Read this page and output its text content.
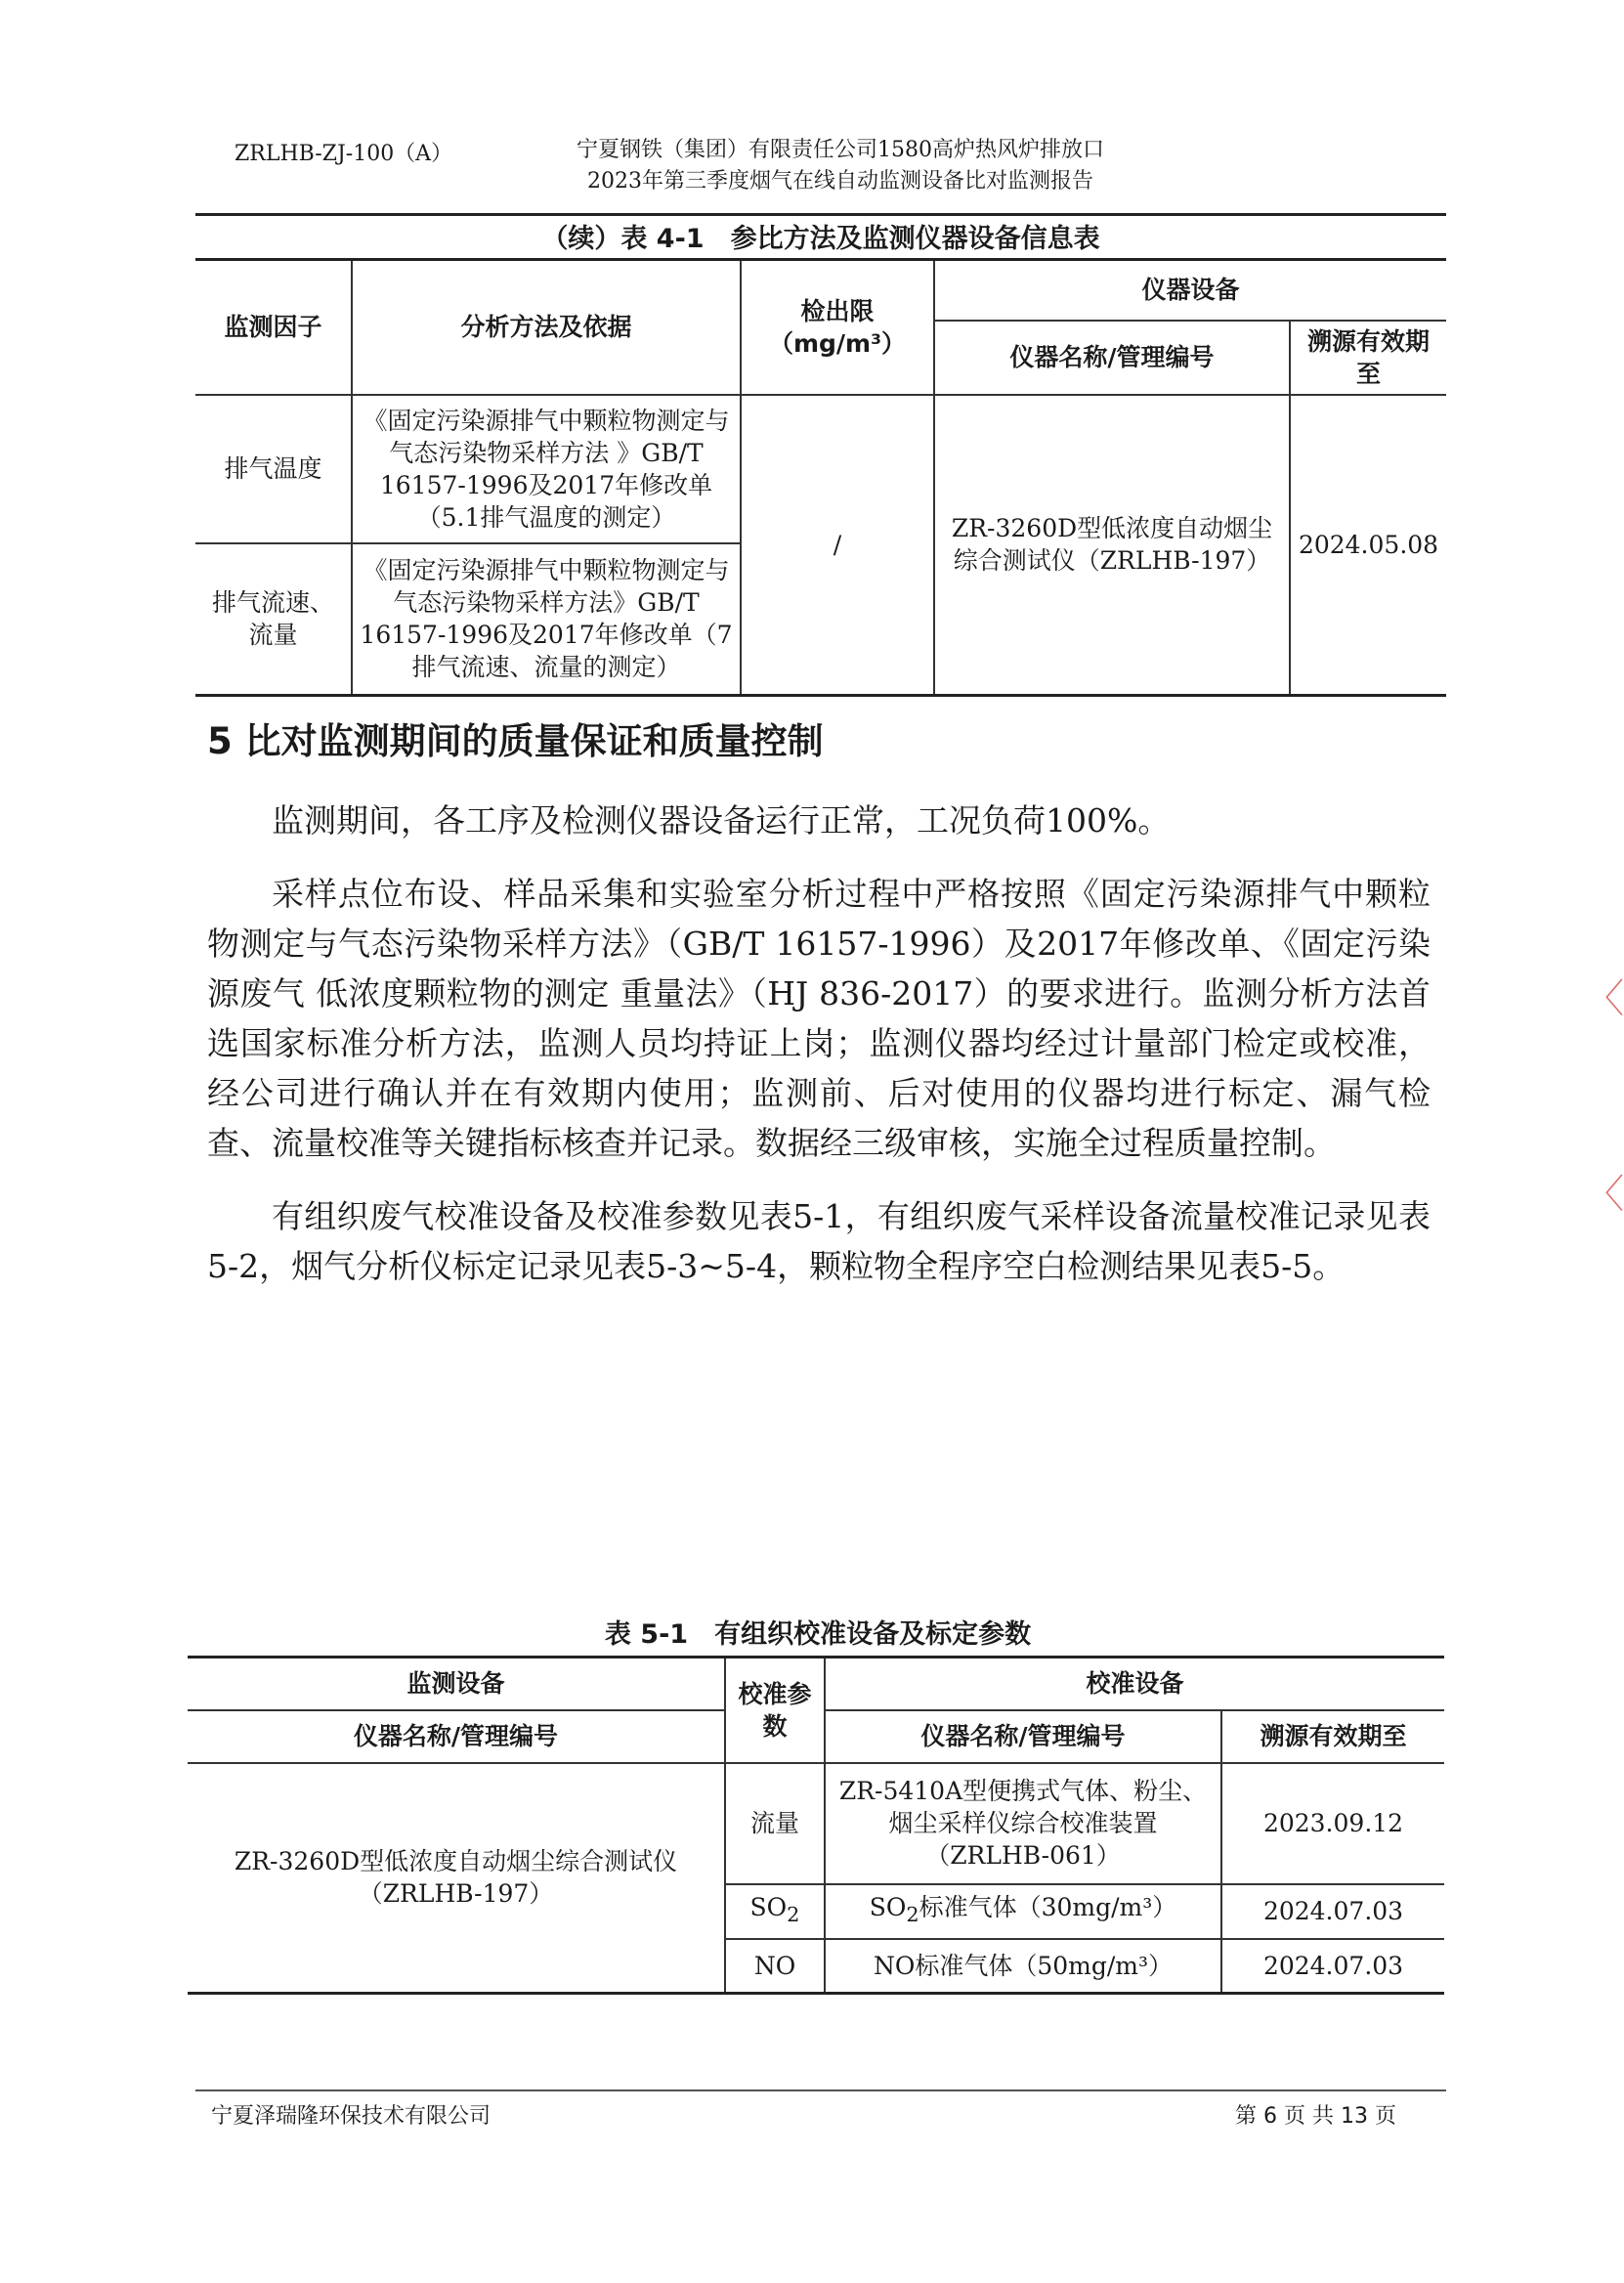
ZRLHB-ZJ-100（A）	宁夏钢铁（集团）有限责任公司1580高炉热风炉排放口
2023年第三季度烟气在线自动监测设备比对监测报告
（续）表 4-1　参比方法及监测仪器设备信息表
监测因子	分析方法及依据	检出限（mg/m³）	仪器设备	
			仪器名称/管理编号	溯源有效期至
排气温度	《固定污染源排气中颗粒物测定与气态污染物采样方法 》GB/T 16157-1996及2017年修改单（5.1排气温度的测定）	/	ZR-3260D型低浓度自动烟尘综合测试仪（ZRLHB-197）	2024.05.08
排气流速、流量	《固定污染源排气中颗粒物测定与气态污染物采样方法》GB/T 16157-1996及2017年修改单（7排气流速、流量的测定）			
5 比对监测期间的质量保证和质量控制

监测期间，各工序及检测仪器设备运行正常，工况负荷100%。

采样点位布设、样品采集和实验室分析过程中严格按照《固定污染源排气中颗粒物测定与气态污染物采样方法》（GB/T 16157-1996）及2017年修改单、《固定污染源废气 低浓度颗粒物的测定 重量法》（HJ 836-2017）的要求进行。监测分析方法首选国家标准分析方法，监测人员均持证上岗；监测仪器均经过计量部门检定或校准，经公司进行确认并在有效期内使用；监测前、后对使用的仪器均进行标定、漏气检查、流量校准等关键指标核查并记录。数据经三级审核，实施全过程质量控制。

有组织废气校准设备及校准参数见表5-1，有组织废气采样设备流量校准记录见表5-2，烟气分析仪标定记录见表5-3~5-4，颗粒物全程序空白检测结果见表5-5。

表 5-1　有组织校准设备及标定参数
监测设备	校准参数	校准设备	
仪器名称/管理编号		仪器名称/管理编号	溯源有效期至
ZR-3260D型低浓度自动烟尘综合测试仪（ZRLHB-197）	流量	ZR-5410A型便携式气体、粉尘、烟尘采样仪综合校准装置（ZRLHB-061）	2023.09.12
	$SO_2$	$SO_2$标准气体（30mg/m³）	2024.07.03
	NO	NO标准气体（50mg/m³）	2024.07.03
〈
〈
宁夏泽瑞隆环保技术有限公司	第 6 页 共 13 页
